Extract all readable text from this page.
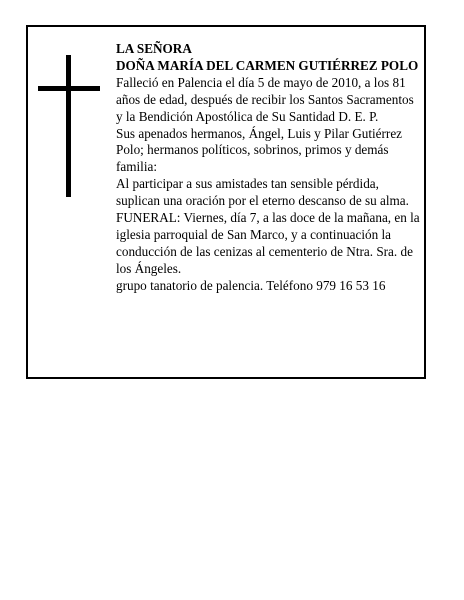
LA SEÑORA

DOÑA MARÍA DEL CARMEN GUTIÉRREZ POLO

Falleció en Palencia el día 5 de mayo de 2010, a los 81 años de edad, después de recibir los Santos Sacramentos y la Bendición Apostólica de Su Santidad D. E. P.

Sus apenados hermanos, Ángel, Luis y Pilar Gutiérrez Polo; hermanos políticos, sobrinos, primos y demás familia:

Al participar a sus amistades tan sensible pérdida, suplican una oración por el eterno descanso de su alma.

FUNERAL: Viernes, día 7, a las doce de la mañana, en la iglesia parroquial de San Marco, y a continuación la conducción de las cenizas al cementerio de Ntra. Sra. de los Ángeles.

grupo tanatorio de palencia. Teléfono 979 16 53 16
